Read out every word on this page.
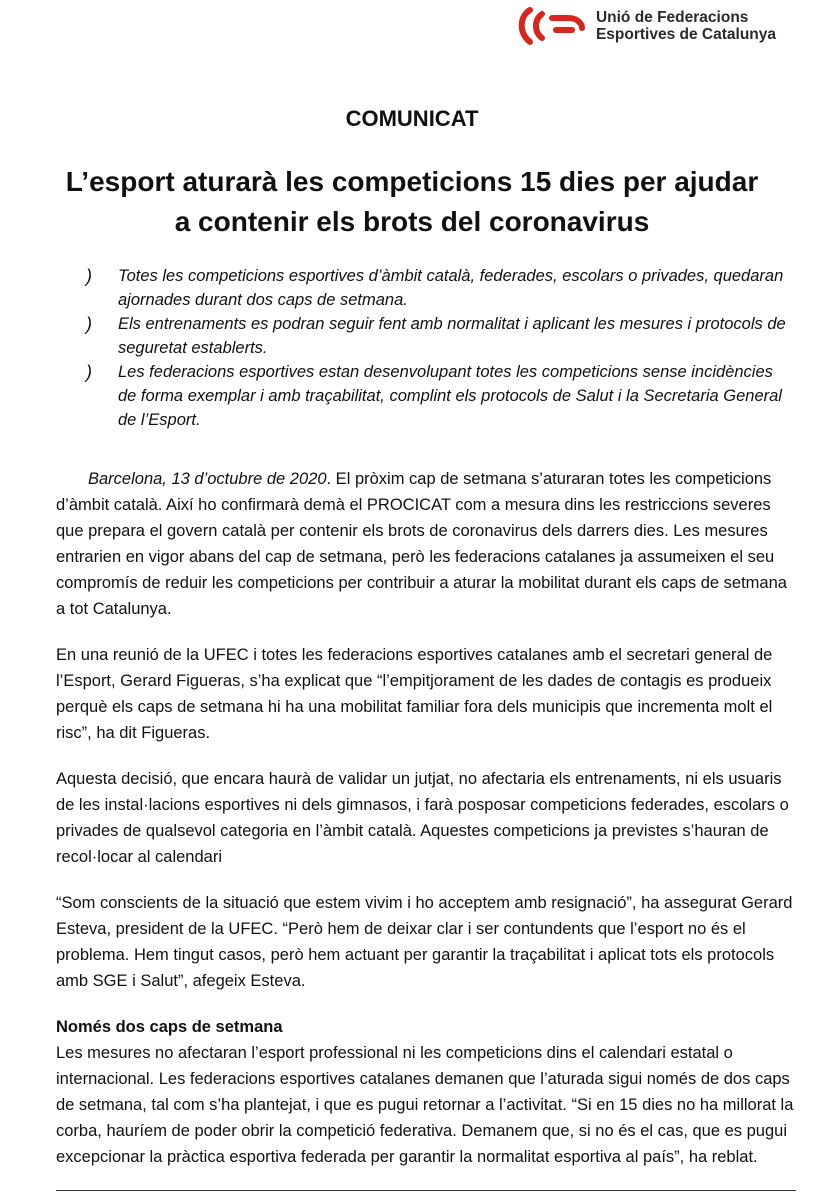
Unió de Federacions
Esportives de Catalunya
COMUNICAT
L’esport aturarà les competicions 15 dies per ajudar a contenir els brots del coronavirus
)	Totes les competicions esportives d’àmbit català, federades, escolars o privades, quedaran ajornades durant dos caps de setmana.
)	Els entrenaments es podran seguir fent amb normalitat i aplicant les mesures i protocols de seguretat establerts.
)	Les federacions esportives estan desenvolupant totes les competicions sense incidències de forma exemplar i amb traçabilitat, complint els protocols de Salut i la Secretaria General de l’Esport.

Barcelona, 13 d’octubre de 2020. El pròxim cap de setmana s’aturaran totes les competicions d’àmbit català. Així ho confirmarà demà el PROCICAT com a mesura dins les restriccions severes que prepara el govern català per contenir els brots de coronavirus dels darrers dies. Les mesures entrarien en vigor abans del cap de setmana, però les federacions catalanes ja assumeixen el seu compromís de reduir les competicions per contribuir a aturar la mobilitat durant els caps de setmana a tot Catalunya.

En una reunió de la UFEC i totes les federacions esportives catalanes amb el secretari general de l’Esport, Gerard Figueras, s’ha explicat que “l’empitjorament de les dades de contagis es produeix perquè els caps de setmana hi ha una mobilitat familiar fora dels municipis que incrementa molt el risc”, ha dit Figueras.

Aquesta decisió, que encara haurà de validar un jutjat, no afectaria els entrenaments, ni els usuaris de les instal·lacions esportives ni dels gimnasos, i farà posposar competicions federades, escolars o privades de qualsevol categoria en l’àmbit català. Aquestes competicions ja previstes s’hauran de recol·locar al calendari

“Som conscients de la situació que estem vivim i ho acceptem amb resignació”, ha assegurat Gerard Esteva, president de la UFEC. “Però hem de deixar clar i ser contundents que l’esport no és el problema. Hem tingut casos, però hem actuant per garantir la traçabilitat i aplicat tots els protocols amb SGE i Salut”, afegeix Esteva.

Només dos caps de setmana

Les mesures no afectaran l’esport professional ni les competicions dins el calendari estatal o internacional. Les federacions esportives catalanes demanen que l’aturada sigui només de dos caps de setmana, tal com s’ha plantejat, i que es pugui retornar a l’activitat. “Si en 15 dies no ha millorat la corba, hauríem de poder obrir la competició federativa. Demanem que, si no és el cas, que es pugui excepcionar la pràctica esportiva federada per garantir la normalitat esportiva al país”, ha reblat.
